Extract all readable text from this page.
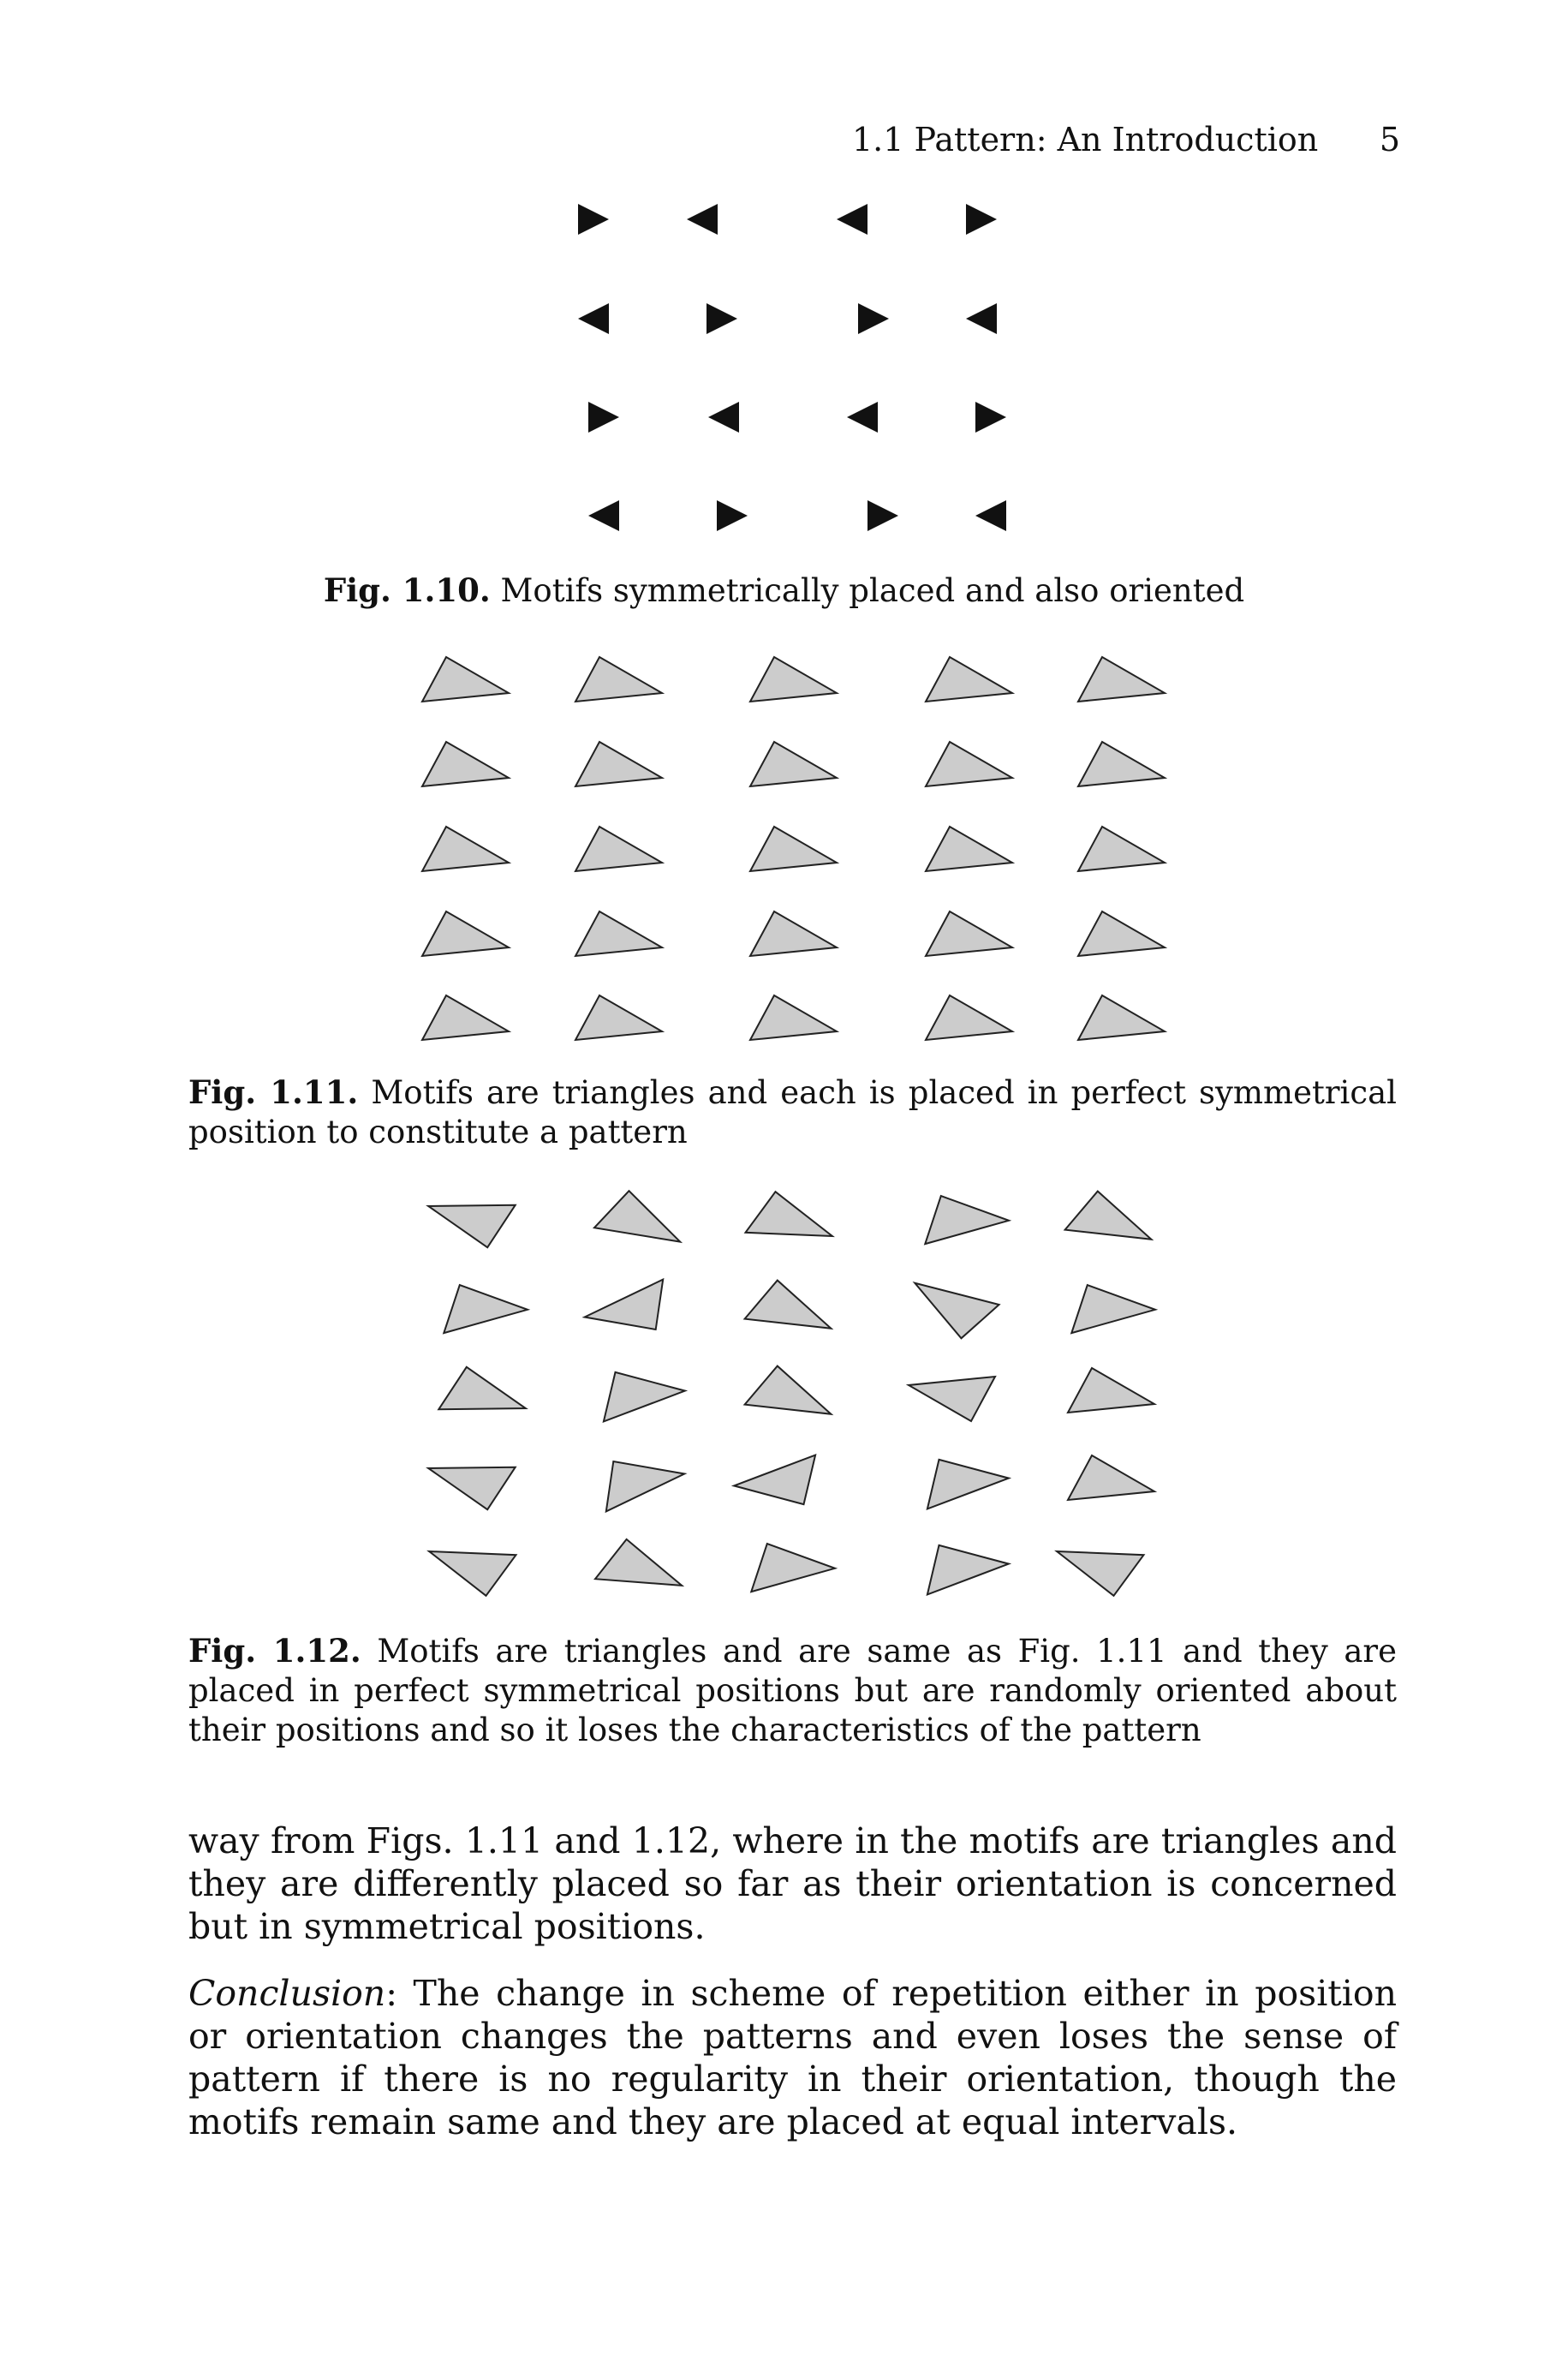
1.1 Pattern: An Introduction 5
Fig. 1.10. Motifs symmetrically placed and also oriented
Fig. 1.11. Motifs are triangles and each is placed in perfect symmetrical position to constitute a pattern
Fig. 1.12. Motifs are triangles and are same as Fig. 1.11 and they are placed in perfect symmetrical positions but are randomly oriented about their positions and so it loses the characteristics of the pattern

way from Figs. 1.11 and 1.12, where in the motifs are triangles and they are differently placed so far as their orientation is concerned but in symmetrical positions.

Conclusion: The change in scheme of repetition either in position or orientation changes the patterns and even loses the sense of pattern if there is no regularity in their orientation, though the motifs remain same and they are placed at equal intervals.
